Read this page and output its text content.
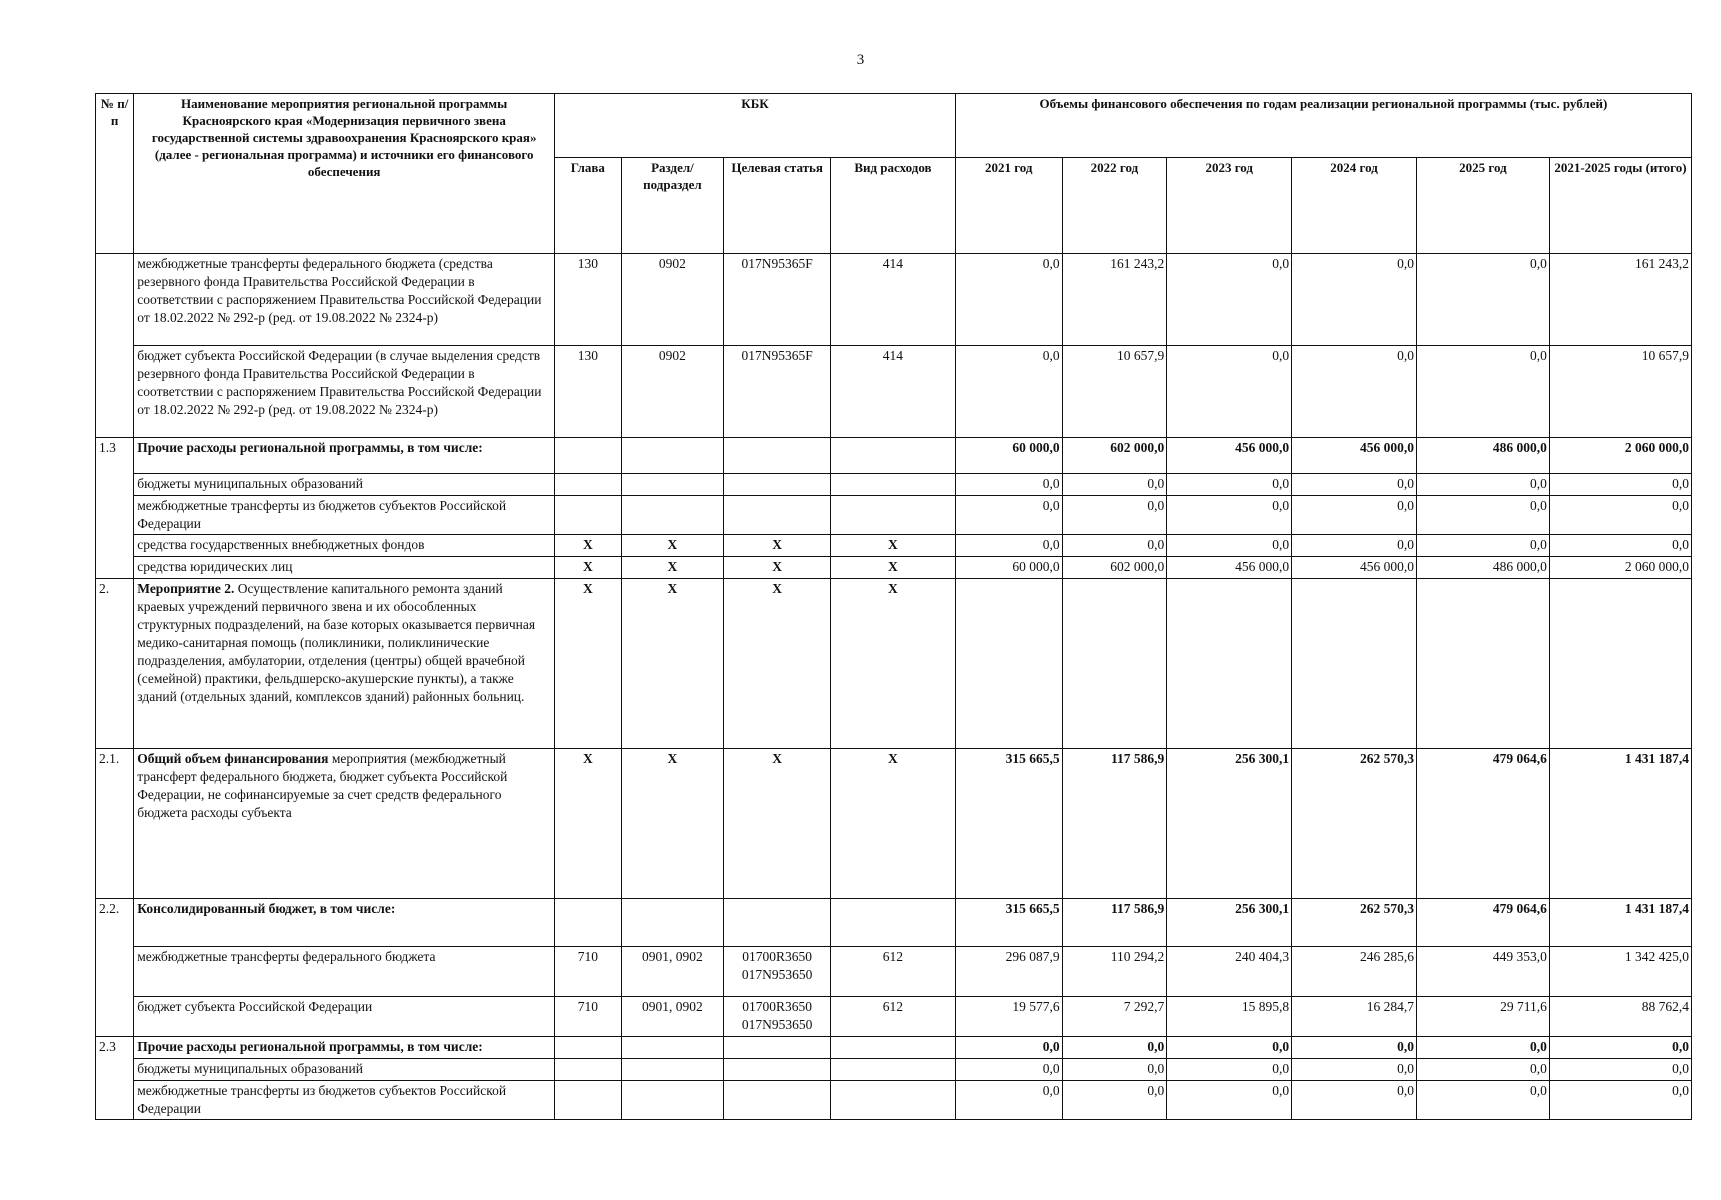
3
№ п/п	Наименование мероприятия региональной программы Красноярского края «Модернизация первичного звена государственной системы здравоохранения Красноярского края» (далее - региональная программа) и источники его финансового обеспечения	КБК				Объемы финансового обеспечения по годам реализации региональной программы (тыс. рублей)					
		Глава	Раздел/ подраздел	Целевая статья	Вид расходов	2021 год	2022 год	2023 год	2024 год	2025 год	2021-2025 годы (итого)
	межбюджетные трансферты федерального бюджета (средства резервного фонда Правительства Российской Федерации в соответствии с распоряжением Правительства Российской Федерации от 18.02.2022 № 292-р (ред. от 19.08.2022 № 2324-р)	130	0902	017N95365F	414	0,0	161 243,2	0,0	0,0	0,0	161 243,2
	бюджет субъекта Российской Федерации (в случае выделения средств резервного фонда Правительства Российской Федерации в соответствии с распоряжением Правительства Российской Федерации от 18.02.2022 № 292-р (ред. от 19.08.2022 № 2324-р)	130	0902	017N95365F	414	0,0	10 657,9	0,0	0,0	0,0	10 657,9
1.3	Прочие расходы региональной программы, в том числе:					60 000,0	602 000,0	456 000,0	456 000,0	486 000,0	2 060 000,0
	бюджеты муниципальных образований					0,0	0,0	0,0	0,0	0,0	0,0
	межбюджетные трансферты из бюджетов субъектов Российской Федерации					0,0	0,0	0,0	0,0	0,0	0,0
	средства государственных внебюджетных фондов	X	X	X	X	0,0	0,0	0,0	0,0	0,0	0,0
	средства юридических лиц	X	X	X	X	60 000,0	602 000,0	456 000,0	456 000,0	486 000,0	2 060 000,0
2.	Мероприятие 2. Осуществление капитального ремонта зданий краевых учреждений первичного звена и их обособленных структурных подразделений, на базе которых оказывается первичная медико-санитарная помощь (поликлиники, поликлинические подразделения, амбулатории, отделения (центры) общей врачебной (семейной) практики, фельдшерско-акушерские пункты), а также зданий (отдельных зданий, комплексов зданий) районных больниц.	X	X	X	X						
2.1.	Общий объем финансирования мероприятия (межбюджетный трансферт федерального бюджета, бюджет субъекта Российской Федерации, не софинансируемые за счет средств федерального бюджета расходы субъекта	X	X	X	X	315 665,5	117 586,9	256 300,1	262 570,3	479 064,6	1 431 187,4
2.2.	Консолидированный бюджет, в том числе:					315 665,5	117 586,9	256 300,1	262 570,3	479 064,6	1 431 187,4
	межбюджетные трансферты федерального бюджета	710	0901, 0902	01700R3650 017N953650	612	296 087,9	110 294,2	240 404,3	246 285,6	449 353,0	1 342 425,0
	бюджет субъекта Российской Федерации	710	0901, 0902	01700R3650 017N953650	612	19 577,6	7 292,7	15 895,8	16 284,7	29 711,6	88 762,4
2.3	Прочие расходы региональной программы, в том числе:					0,0	0,0	0,0	0,0	0,0	0,0
	бюджеты муниципальных образований					0,0	0,0	0,0	0,0	0,0	0,0
	межбюджетные трансферты из бюджетов субъектов Российской Федерации					0,0	0,0	0,0	0,0	0,0	0,0
